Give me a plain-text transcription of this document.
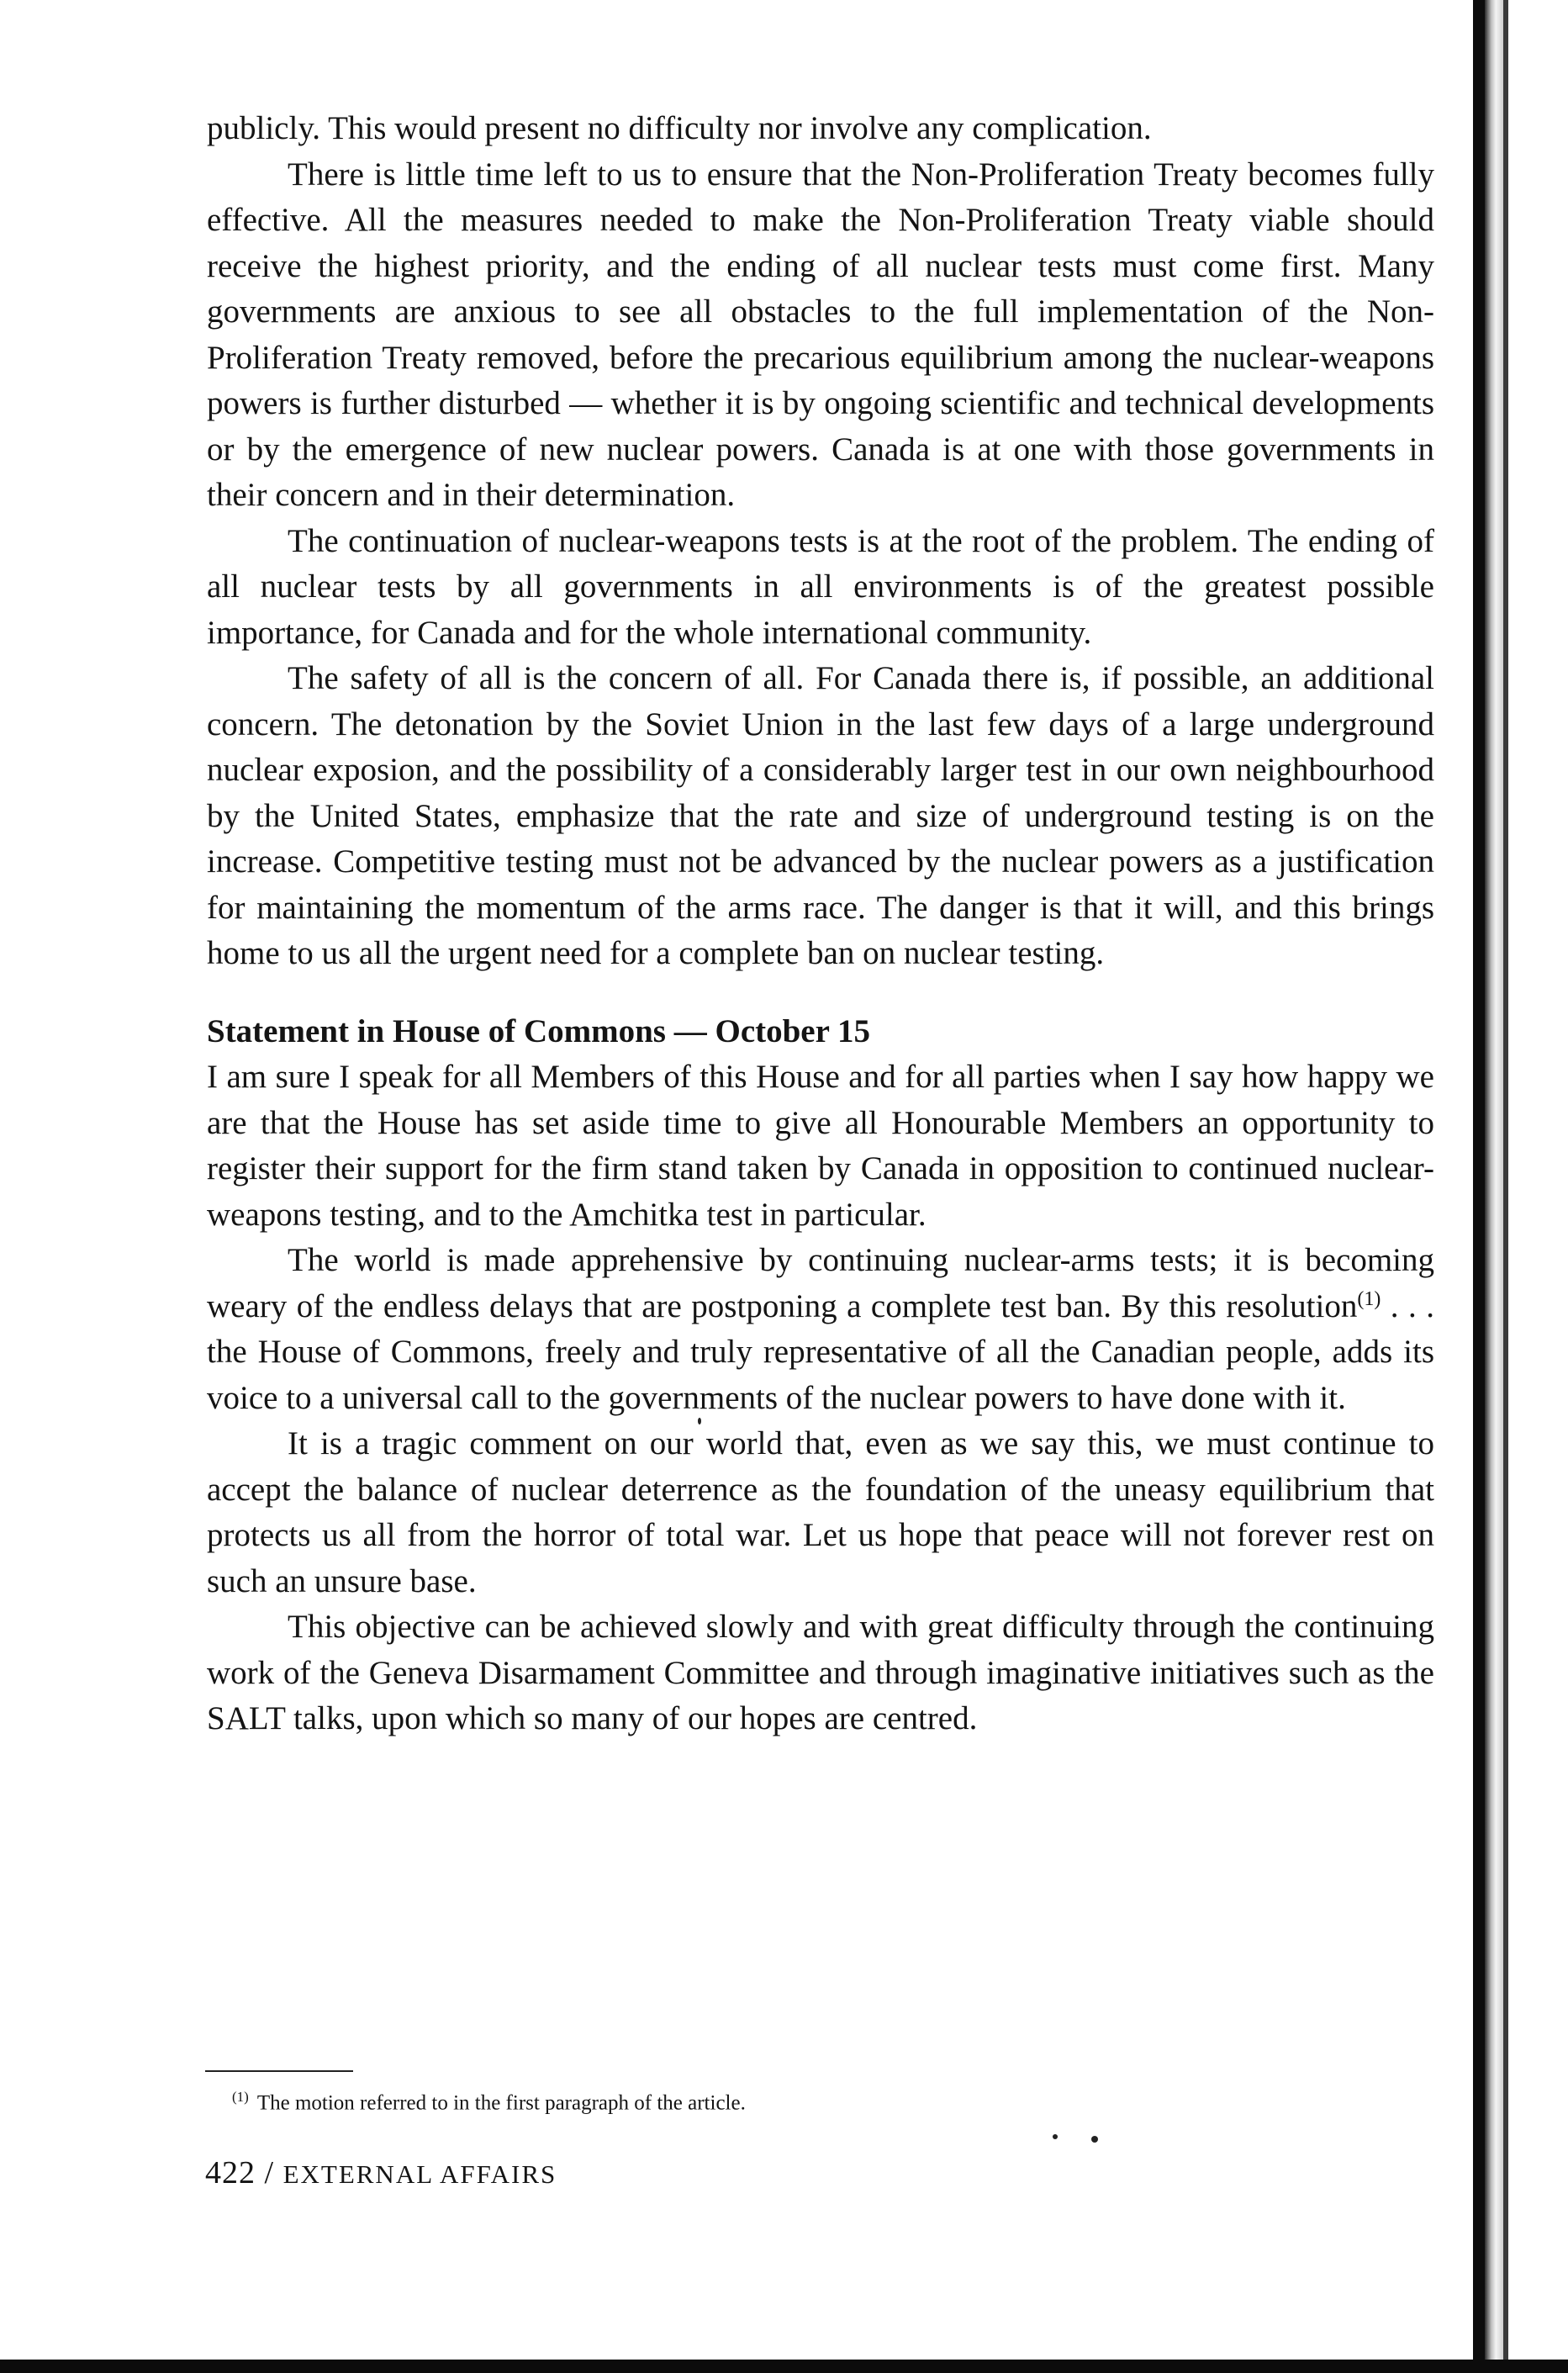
publicly. This would present no difficulty nor involve any complication.

There is little time left to us to ensure that the Non-Proliferation Treaty becomes fully effective. All the measures needed to make the Non-Proliferation Treaty viable should receive the highest priority, and the ending of all nuclear tests must come first. Many governments are anxious to see all obstacles to the full implementation of the Non-Proliferation Treaty removed, before the precarious equilibrium among the nuclear-weapons powers is further disturbed — whether it is by ongoing scientific and technical developments or by the emergence of new nuclear powers. Canada is at one with those governments in their concern and in their determination.

The continuation of nuclear-weapons tests is at the root of the problem. The ending of all nuclear tests by all governments in all environments is of the greatest possible importance, for Canada and for the whole international community.

The safety of all is the concern of all. For Canada there is, if possible, an additional concern. The detonation by the Soviet Union in the last few days of a large underground nuclear exposion, and the possibility of a considerably larger test in our own neighbourhood by the United States, emphasize that the rate and size of underground testing is on the increase. Competitive testing must not be advanced by the nuclear powers as a justification for maintaining the momentum of the arms race. The danger is that it will, and this brings home to us all the urgent need for a complete ban on nuclear testing.

Statement in House of Commons — October 15

I am sure I speak for all Members of this House and for all parties when I say how happy we are that the House has set aside time to give all Honourable Members an opportunity to register their support for the firm stand taken by Canada in opposition to continued nuclear-weapons testing, and to the Amchitka test in particular.

The world is made apprehensive by continuing nuclear-arms tests; it is becoming weary of the endless delays that are postponing a complete test ban. By this resolution$^{(1)}$ . . . the House of Commons, freely and truly representative of all the Canadian people, adds its voice to a universal call to the governments of the nuclear powers to have done with it.

It is a tragic comment on our world that, even as we say this, we must continue to accept the balance of nuclear deterrence as the foundation of the uneasy equilibrium that protects us all from the horror of total war. Let us hope that peace will not forever rest on such an unsure base.

This objective can be achieved slowly and with great difficulty through the continuing work of the Geneva Disarmament Committee and through imaginative initiatives such as the SALT talks, upon which so many of our hopes are centred.

$^{(1)}$ The motion referred to in the first paragraph of the article.
422 / EXTERNAL AFFAIRS
